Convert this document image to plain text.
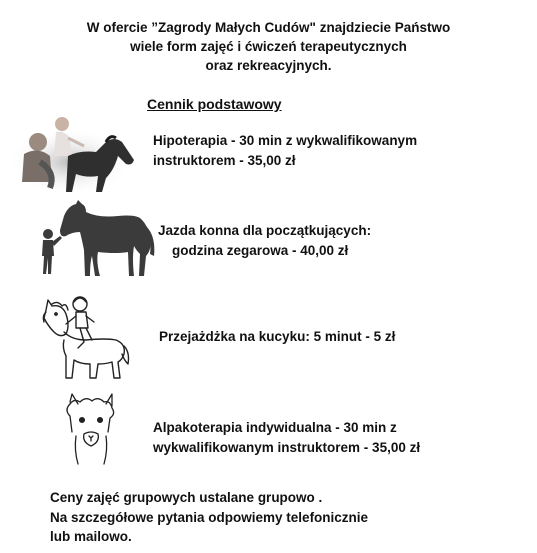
W ofercie ”Zagrody Małych Cudów" znajdziecie Państwo
wiele form zajęć i ćwiczeń terapeutycznych
oraz rekreacyjnych.
Cennik podstawowy
Hipoterapia - 30 min z wykwalifikowanym
instruktorem - 35,00 zł
Jazda konna dla początkujących:
godzina zegarowa - 40,00 zł
Przejażdżka na kucyku: 5 minut - 5 zł
Alpakoterapia indywidualna - 30 min z
wykwalifikowanym instruktorem - 35,00 zł
Ceny zajęć grupowych ustalane grupowo .
Na szczegółowe pytania odpowiemy telefonicznie
lub mailowo.
